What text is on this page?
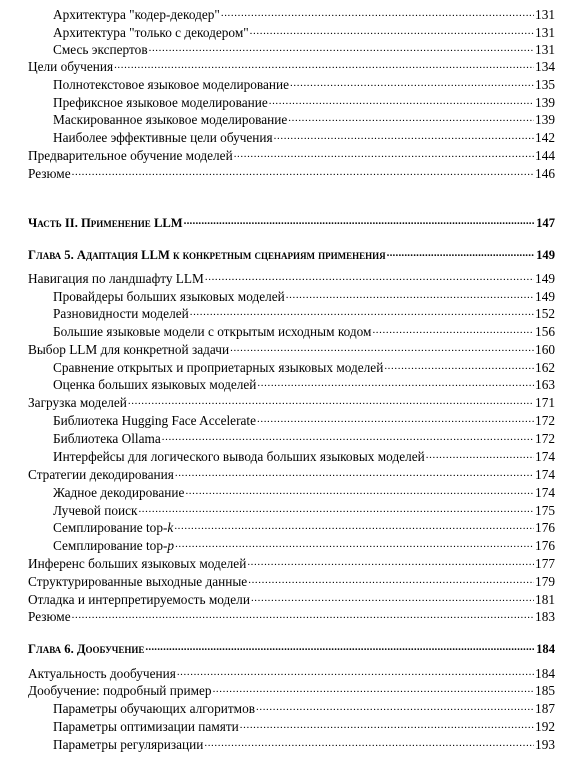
Архитектура "кодер-декодер" .....	131
Архитектура "только с декодером" .....	131
Смесь экспертов .....	131
Цели обучения .....	134
Полнотекстовое языковое моделирование .....	135
Префиксное языковое моделирование .....	139
Маскированное языковое моделирование .....	139
Наиболее эффективные цели обучения .....	142
Предварительное обучение моделей .....	144
Резюме .....	146
Часть II. Применение LLM .....	147
Глава 5. Адаптация LLM к конкретным сценариям применения .....	149
Навигация по ландшафту LLM .....	149
Провайдеры больших языковых моделей .....	149
Разновидности моделей .....	152
Большие языковые модели с открытым исходным кодом .....	156
Выбор LLM для конкретной задачи .....	160
Сравнение открытых и проприетарных языковых моделей .....	162
Оценка больших языковых моделей .....	163
Загрузка моделей .....	171
Библиотека Hugging Face Accelerate .....	172
Библиотека Ollama .....	172
Интерфейсы для логического вывода больших языковых моделей .....	174
Стратегии декодирования .....	174
Жадное декодирование .....	174
Лучевой поиск .....	175
Семплирование top-k .....	176
Семплирование top-p .....	176
Инференс больших языковых моделей .....	177
Структурированные выходные данные .....	179
Отладка и интерпретируемость модели .....	181
Резюме .....	183
Глава 6. Дообучение .....	184
Актуальность дообучения .....	184
Дообучение: подробный пример .....	185
Параметры обучающих алгоритмов .....	187
Параметры оптимизации памяти .....	192
Параметры регуляризации .....	193
